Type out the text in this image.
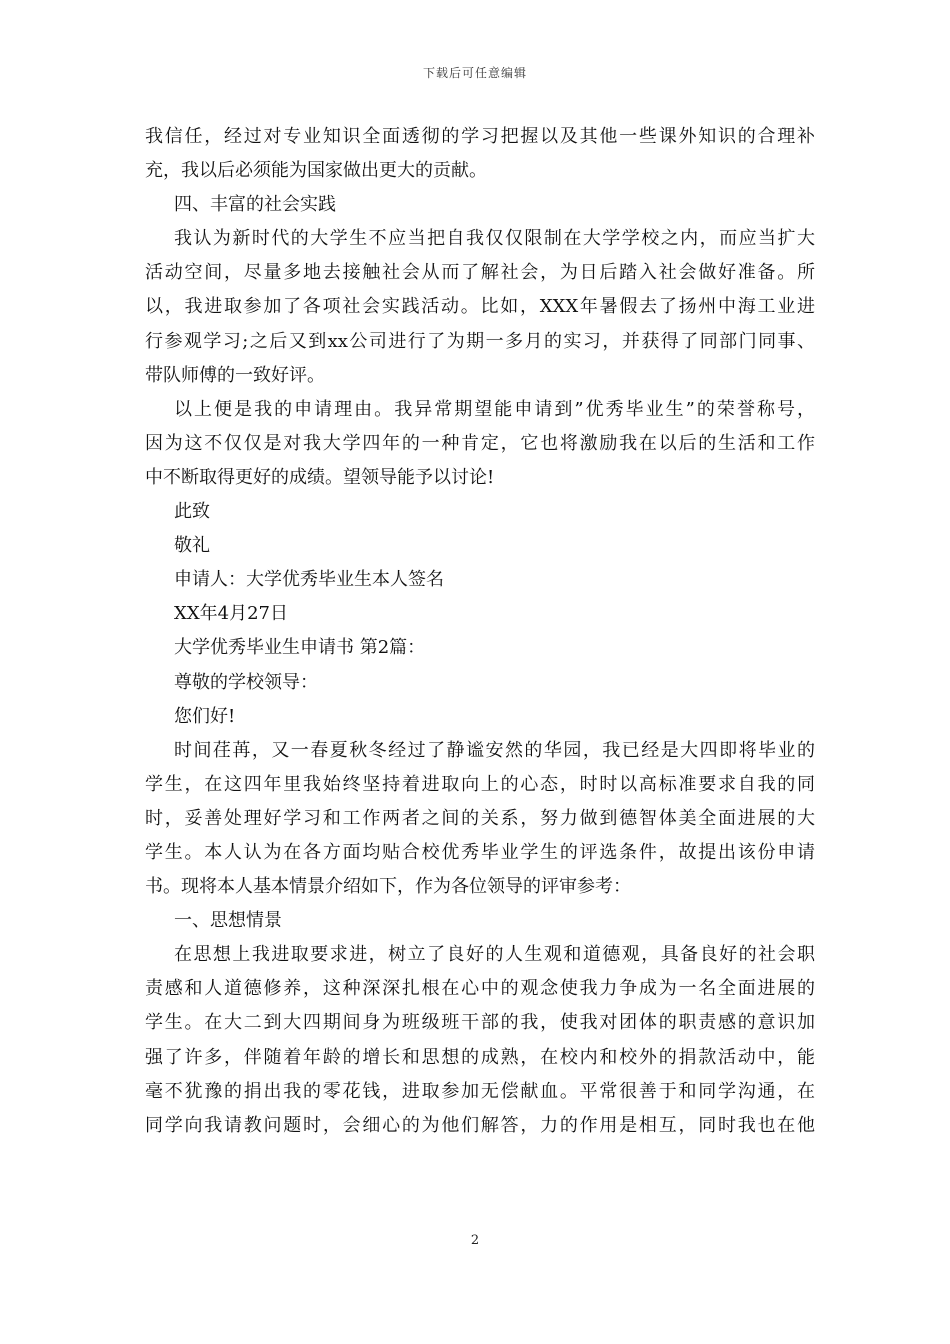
下载后可任意编辑
我信任，经过对专业知识全面透彻的学习把握以及其他一些课外知识的合理补
充，我以后必须能为国家做出更大的贡献。
四、丰富的社会实践
我认为新时代的大学生不应当把自我仅仅限制在大学学校之内，而应当扩大
活动空间，尽量多地去接触社会从而了解社会，为日后踏入社会做好准备。所
以，我进取参加了各项社会实践活动。比如，XXX年暑假去了扬州中海工业进
行参观学习;之后又到xx公司进行了为期一多月的实习，并获得了同部门同事、
带队师傅的一致好评。
以上便是我的申请理由。我异常期望能申请到”优秀毕业生”的荣誉称号，
因为这不仅仅是对我大学四年的一种肯定，它也将激励我在以后的生活和工作
中不断取得更好的成绩。望领导能予以讨论!
此致
敬礼
申请人：大学优秀毕业生本人签名
XX年4月27日
大学优秀毕业生申请书 第2篇：
尊敬的学校领导：
您们好!
时间荏苒，又一春夏秋冬经过了静谧安然的华园，我已经是大四即将毕业的
学生，在这四年里我始终坚持着进取向上的心态，时时以高标准要求自我的同
时，妥善处理好学习和工作两者之间的关系，努力做到德智体美全面进展的大
学生。本人认为在各方面均贴合校优秀毕业学生的评选条件，故提出该份申请
书。现将本人基本情景介绍如下，作为各位领导的评审参考：
一、思想情景
在思想上我进取要求进，树立了良好的人生观和道德观，具备良好的社会职
责感和人道德修养，这种深深扎根在心中的观念使我力争成为一名全面进展的
学生。在大二到大四期间身为班级班干部的我，使我对团体的职责感的意识加
强了许多，伴随着年龄的增长和思想的成熟，在校内和校外的捐款活动中，能
毫不犹豫的捐出我的零花钱，进取参加无偿献血。平常很善于和同学沟通，在
同学向我请教问题时，会细心的为他们解答，力的作用是相互，同时我也在他
2
